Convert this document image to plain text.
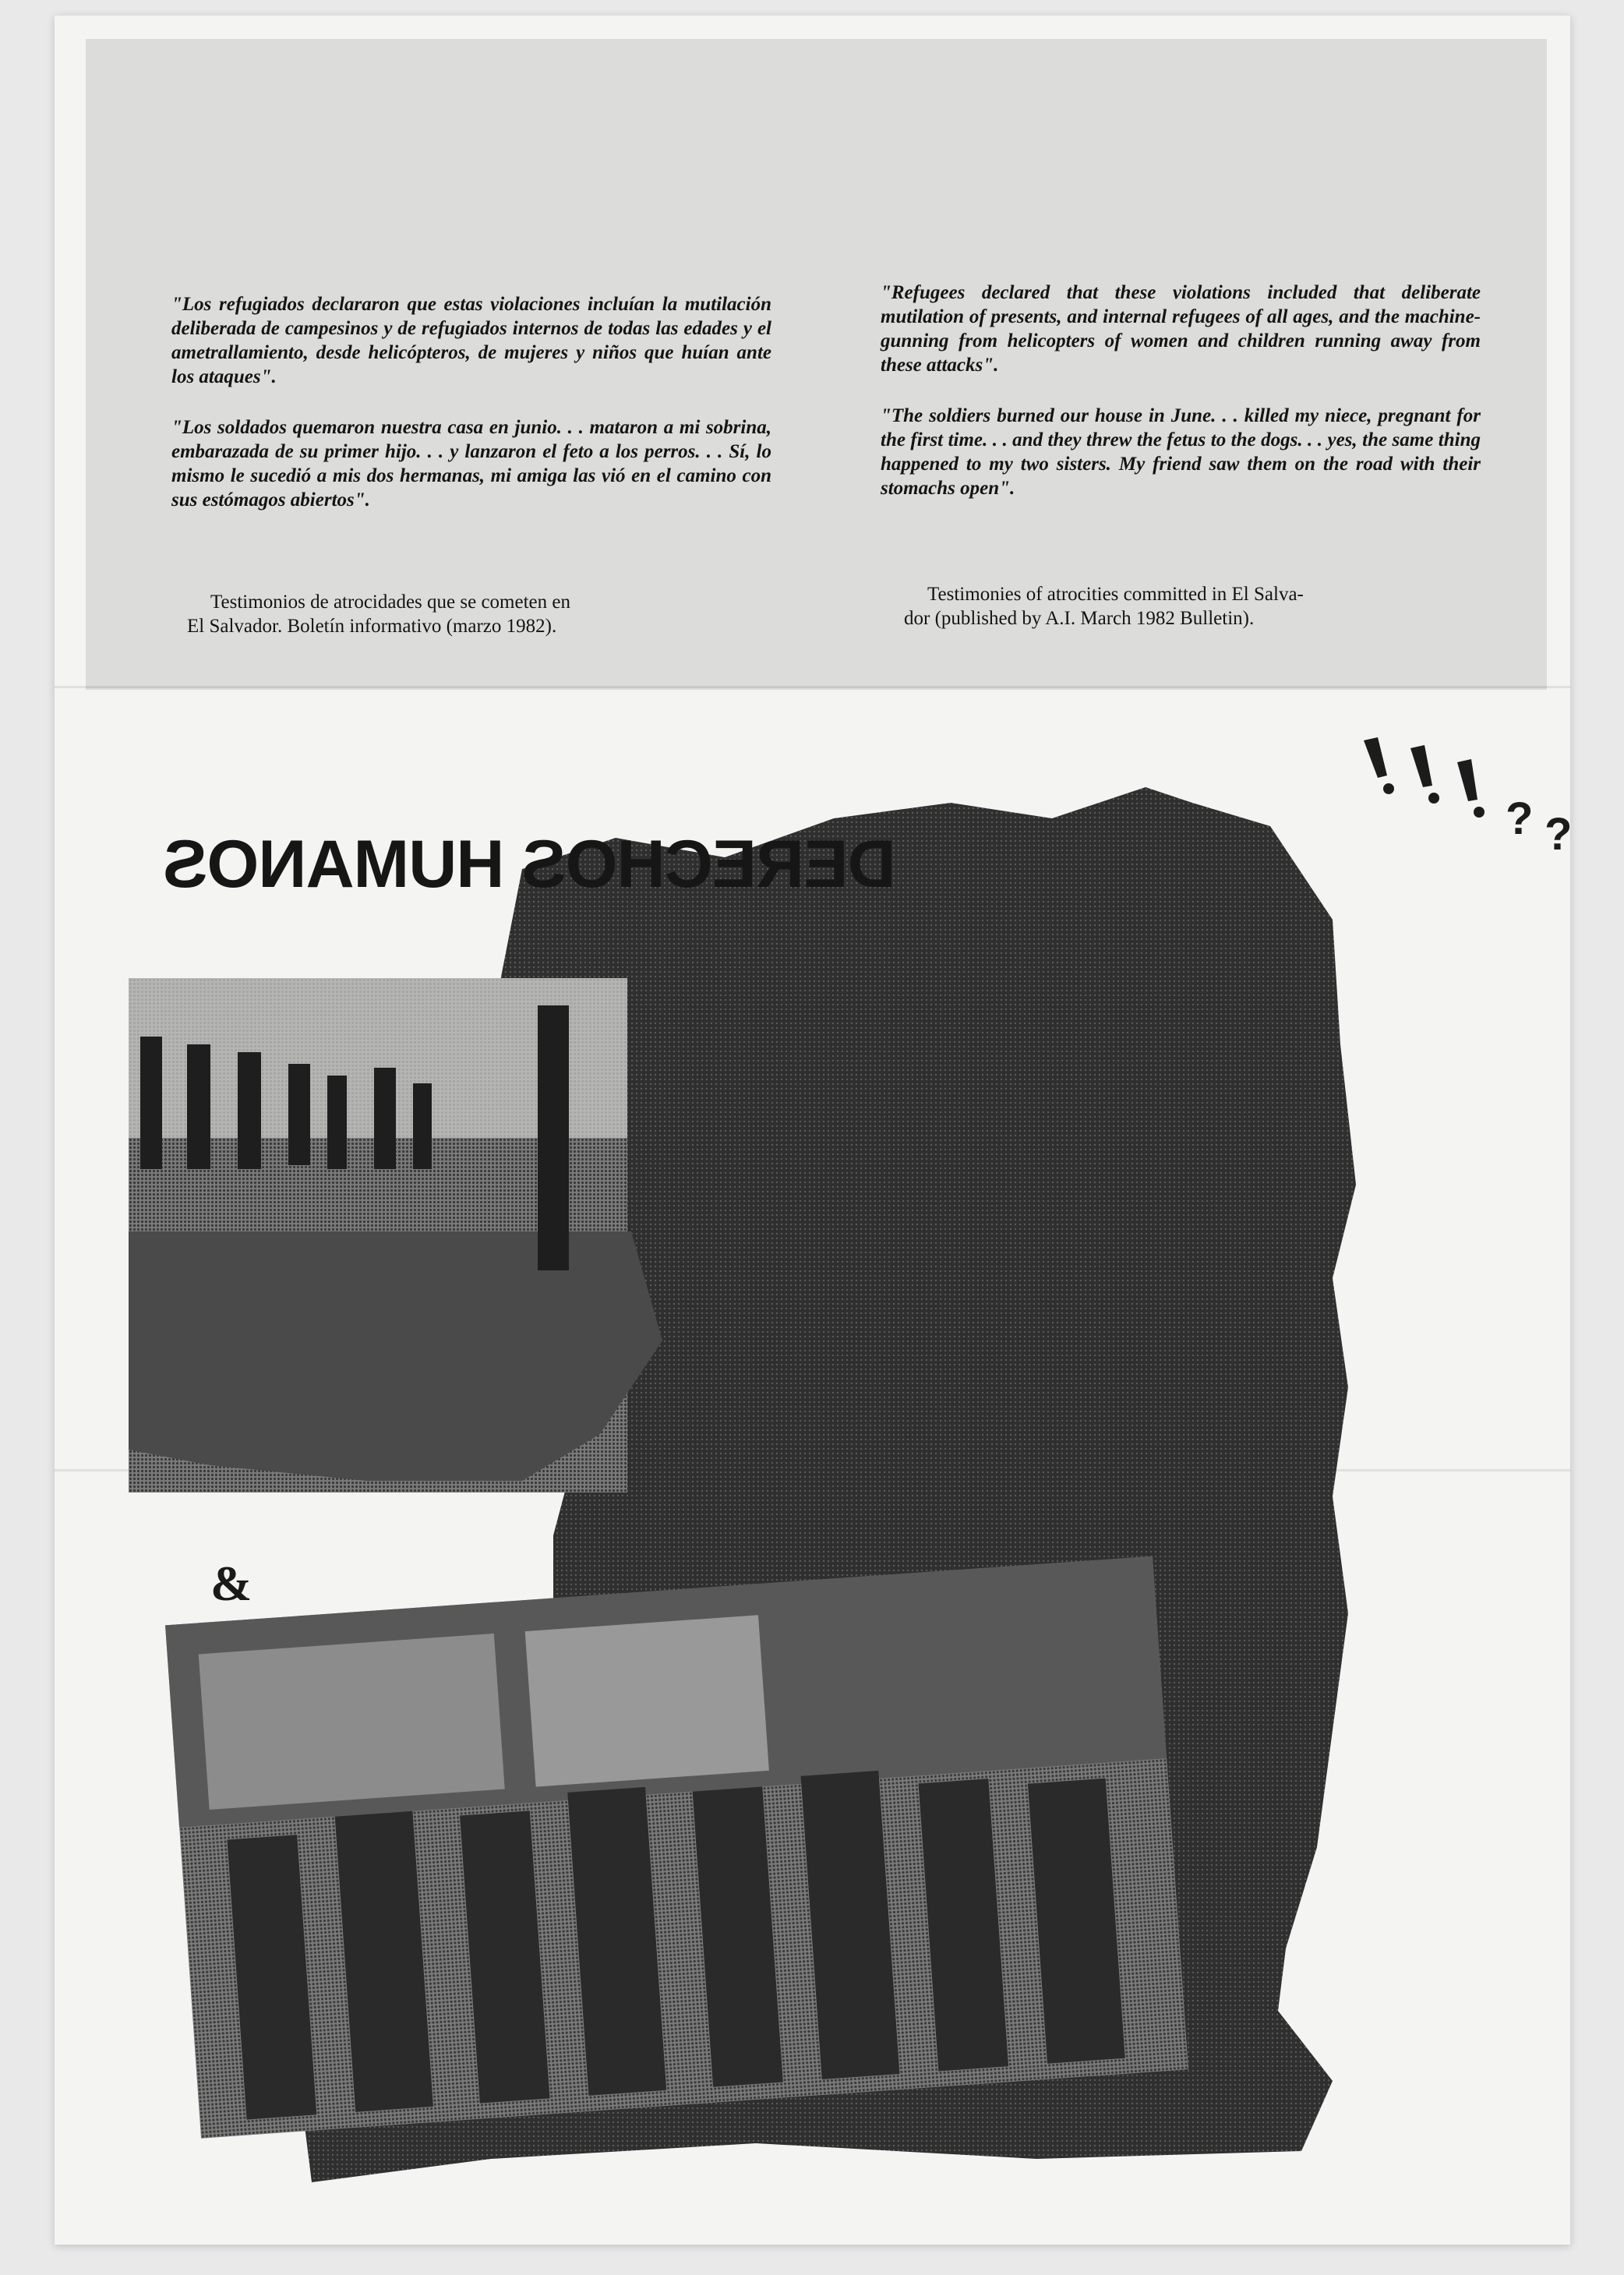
"Los refugiados declararon que estas violaciones incluían la mutilación deliberada de campesinos y de refugiados internos de todas las edades y el ametrallamiento, desde helicópteros, de mujeres y niños que huían ante los ataques".

"Los soldados quemaron nuestra casa en junio. . . mataron a mi sobrina, embarazada de su primer hijo. . . y lanzaron el feto a los perros. . . Sí, lo mismo le sucedió a mis dos hermanas, mi amiga las vió en el camino con sus estómagos abiertos".

Testimonios de atrocidades que se cometen en
El Salvador. Boletín informativo (marzo 1982).

"Refugees declared that these violations included that deliberate mutilation of presents, and internal refugees of all ages, and the machine-gunning from helicopters of women and children running away from these attacks".

"The soldiers burned our house in June. . . killed my niece, pregnant for the first time. . . and they threw the fetus to the dogs. . . yes, the same thing happened to my two sisters. My friend saw them on the road with their stomachs open".

Testimonies of atrocities committed in El Salva-
dor (published by A.I. March 1982 Bulletin).
DERECHOS HUMANOS
? ?
&
